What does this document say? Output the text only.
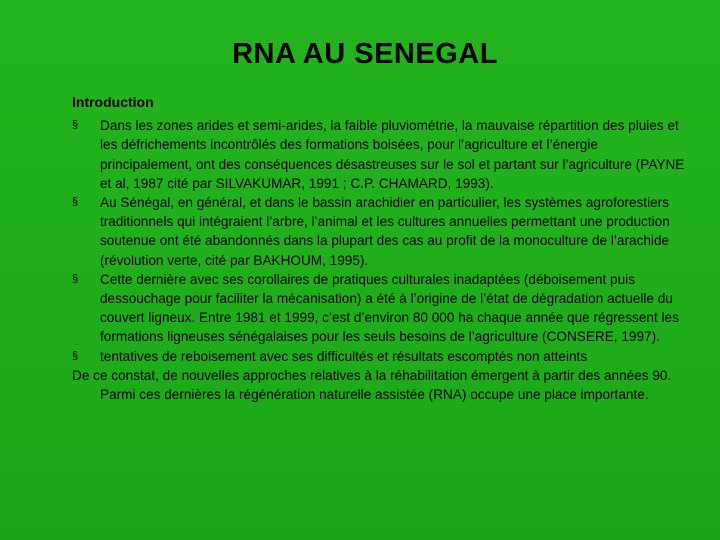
RNA AU SENEGAL
Introduction
§ Dans les zones arides et semi-arides, la faible pluviométrie, la mauvaise répartition des pluies et les défrichements incontrôlés des formations boisées, pour l’agriculture et l’énergie principalement, ont des conséquences désastreuses sur le sol et partant sur l’agriculture (PAYNE et al, 1987 cité par SILVAKUMAR, 1991 ; C.P. CHAMARD, 1993).
§ Au Sénégal, en général, et dans le bassin arachidier en particulier, les systèmes agroforestiers traditionnels qui intégraient l’arbre, l’animal et les cultures annuelles permettant une production soutenue ont été abandonnés dans la plupart des cas au profit de la monoculture de l’arachide (révolution verte, cité par BAKHOUM, 1995).
§ Cette dernière avec ses corollaires de pratiques culturales inadaptées (déboisement puis dessouchage pour faciliter la mécanisation) a été à l’origine de l’état de dégradation actuelle du couvert ligneux. Entre 1981 et 1999, c’est d’environ 80 000 ha chaque année que régressent les formations ligneuses sénégalaises pour les seuls besoins de l’agriculture (CONSERE, 1997).
§ tentatives de reboisement avec ses difficultés et résultats escomptés non atteints
De ce constat, de nouvelles approches relatives à la réhabilitation émergent à partir des années 90. Parmi ces dernières la régénération naturelle assistée (RNA) occupe une place importante.
